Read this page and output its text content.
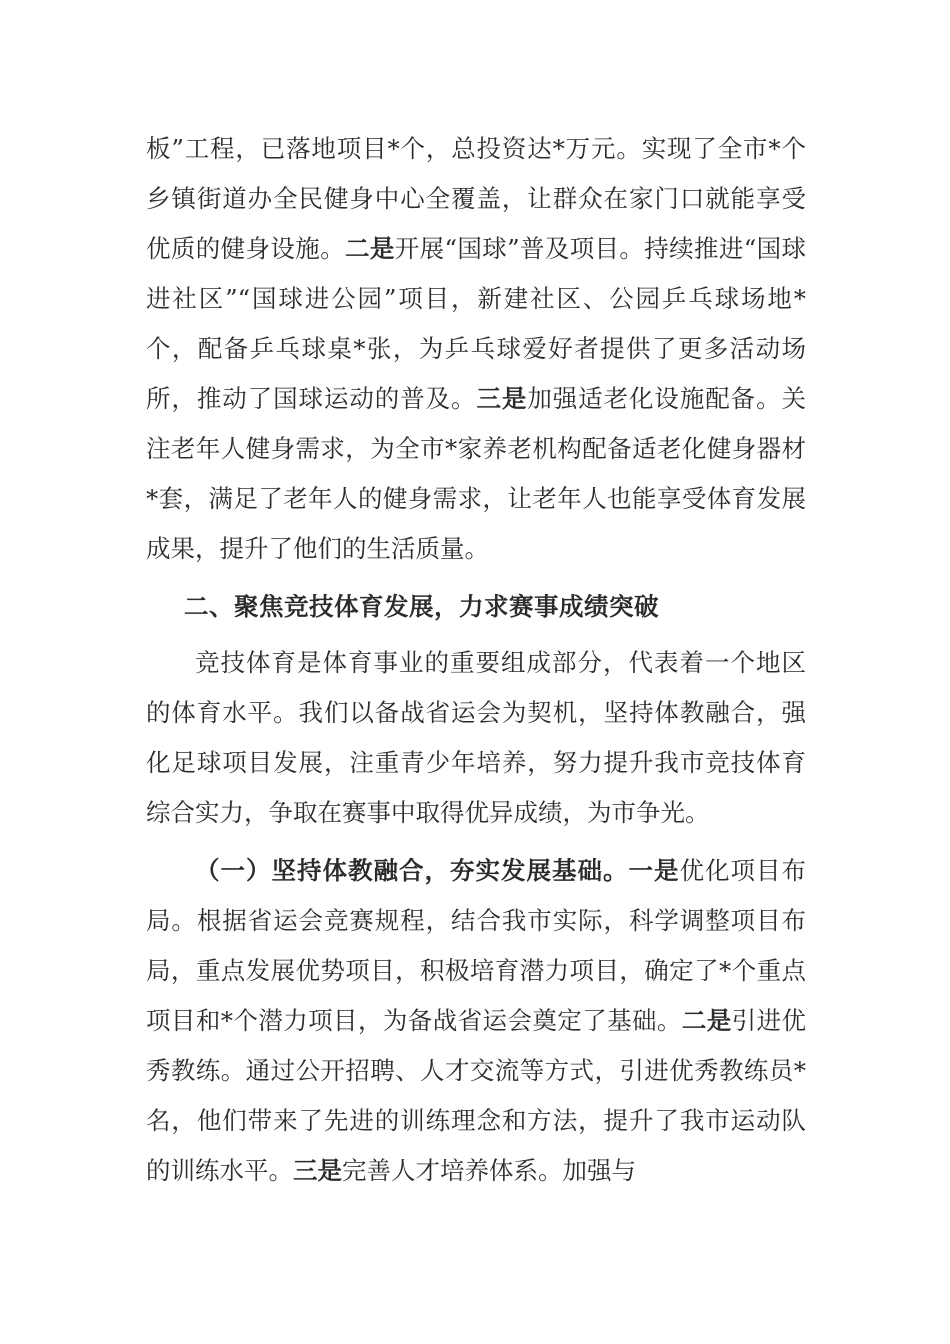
板”工程，已落地项目*个，总投资达*万元。实现了全市*个乡镇街道办全民健身中心全覆盖，让群众在家门口就能享受优质的健身设施。二是开展“国球”普及项目。持续推进“国球进社区”“国球进公园”项目，新建社区、公园乒乓球场地*个，配备乒乓球桌*张，为乒乓球爱好者提供了更多活动场所，推动了国球运动的普及。三是加强适老化设施配备。关注老年人健身需求，为全市*家养老机构配备适老化健身器材*套，满足了老年人的健身需求，让老年人也能享受体育发展成果，提升了他们的生活质量。

二、聚焦竞技体育发展，力求赛事成绩突破

竞技体育是体育事业的重要组成部分，代表着一个地区的体育水平。我们以备战省运会为契机，坚持体教融合，强化足球项目发展，注重青少年培养，努力提升我市竞技体育综合实力，争取在赛事中取得优异成绩，为市争光。

（一）坚持体教融合，夯实发展基础。一是优化项目布局。根据省运会竞赛规程，结合我市实际，科学调整项目布局，重点发展优势项目，积极培育潜力项目，确定了*个重点项目和*个潜力项目，为备战省运会奠定了基础。二是引进优秀教练。通过公开招聘、人才交流等方式，引进优秀教练员*名，他们带来了先进的训练理念和方法，提升了我市运动队的训练水平。三是完善人才培养体系。加强与
